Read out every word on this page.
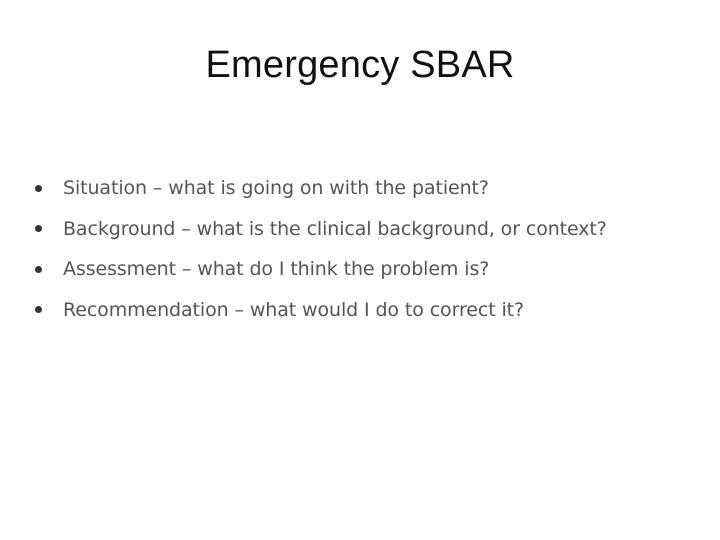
Emergency SBAR
Situation – what is going on with the patient?
Background – what is the clinical background, or context?
Assessment – what do I think the problem is?
Recommendation – what would I do to correct it?
